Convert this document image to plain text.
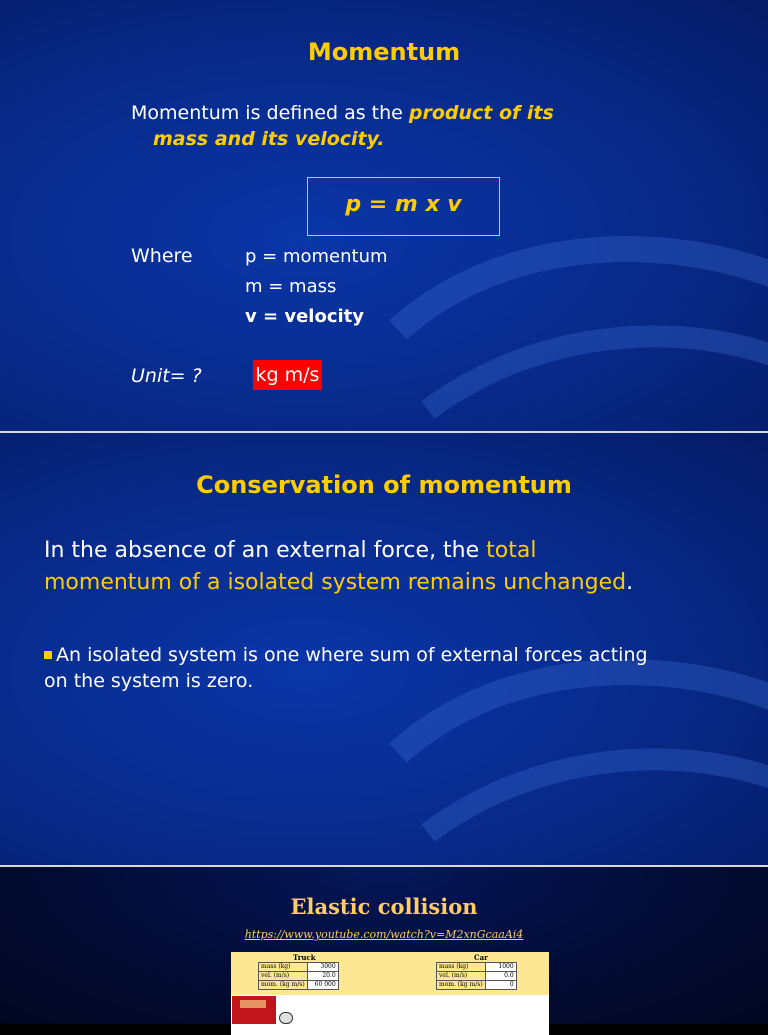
Momentum
Momentum is defined as the product of its
mass and its velocity.
p = m x v
Where	p = momentum
m = mass
v = velocity
Unit= ?	kg m/s
Conservation of momentum
In the absence of an external force, the total
momentum of a isolated system remains unchanged.
An isolated system is one where sum of external forces acting
on the system is zero.
Elastic collision
https://www.youtube.com/watch?v=M2xnGcaaAi4
Truck	Car
mass (kg)	3000
vel. (m/s)	20.0
mom. (kg m/s)	60 000
mass (kg)	1000
vel. (m/s)	0.0
mom. (kg m/s)	0
